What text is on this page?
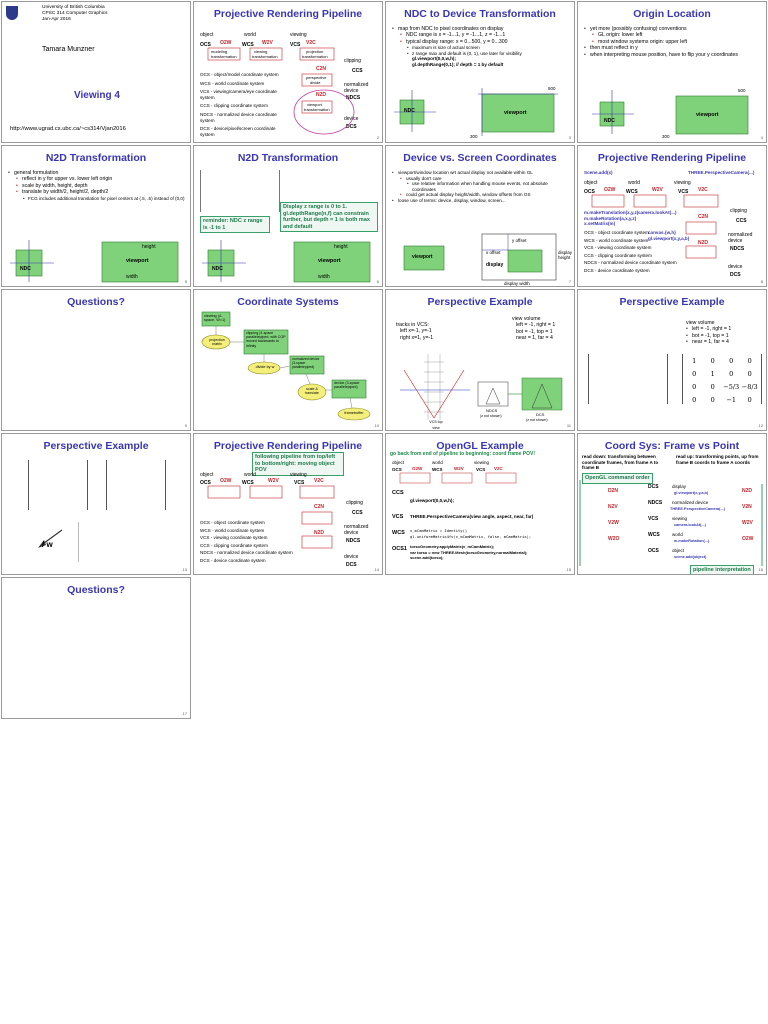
University of British Columbia
CPSC 314 Computer Graphics
Jan-Apr 2016
Tamara Munzner
Viewing 4
http://www.ugrad.cs.ubc.ca/~cs314/Vjan2016
Projective Rendering Pipeline
object	world	viewing
OCS O2W WCS W2V	VCS V2C
modeling
transformation
viewing
transformation
projection
transformation
clipping
C2N	CCS
perspective
divide	normalized
device
N2D	NDCS
viewport
transformation
device
DCS
OCS - object/model coordinate system
WCS - world coordinate system
VCS - viewing/camera/eye coordinate system
CCS - clipping coordinate system
NDCS - normalized device coordinate system
DCS - device/pixel/screen coordinate system
2
NDC to Device Transformation
• map from NDC to pixel coordinates on display
• NDC range is x = -1...1, y = -1...1, z = -1...1
• typical display range: x = 0...500, y = 0...300
• maximum is size of actual screen
• z range max and default is (0, 1), use later for visibility
gl.viewport(0,0,w,h);
gl.depthRange(0,1); // depth = 1 by default
NDC	viewport
500
300	3
Origin Location
• yet more (possibly confusing) conventions
• GL origin: lower left
• most window systems origin: upper left
• then must reflect in y
• when interpreting mouse position, have to flip your y coordinates
NDC
viewport
500
300	4
N2D Transformation
• general formulation
• reflect in y for upper vs. lower left origin
• scale by width, height, depth
• translate by width/2, height/2, depth/2
• FCG includes additional translation for pixel centers at (.5, .5) instead of (0,0)
NDC
viewport
height
width
5
N2D Transformation
reminder: NDC z range is -1 to 1
Display z range is 0 to 1. gl.depthRange(n,f) can constrain further, but depth = 1 is both max and default
NDC
viewport
height
width
6
Device vs. Screen Coordinates
• viewport/window location wrt actual display not available within GL
• usually don't care
• use relative information when handling mouse events, not absolute coordinates
• could get actual display height/width, window offsets from OS
• loose use of terms: device, display, window, screen...
viewport
display
x offset
y offset
display width
display height
7
Projective Rendering Pipeline
object	world	viewing
OCS O2W WCS	W2V	VCS V2C
clipping
C2N
CCS
normalized
device
N2D
NDCS
device
DCS
Scene.add(x)	THREE.PerspectiveCamera(...)
m.makeTranslation(x,y,z)
m.makeRotation(a,x,y,z)
x.setMatrix(m)
camera.lookAt(...)
canvas.{w,h}
gl.viewport(x,y,a,b)
OCS - object coordinate system
WCS - world coordinate system
VCS - viewing coordinate system
CCS - clipping coordinate system
NDCS - normalized device coordinate system
DCS - device coordinate system
8
Questions?
9
Coordinate Systems
viewing (4-space, W=1)
projection matrix
clipping (4-space parallelepiped, with COP moved backwards to infinity
divide by w
normalized device (3-space parallelepiped)
scale & translate
device (3-space parallelepiped)
framebuffer
10
Perspective Example
tracks in VCS:
left x=-1, y=-1
right x=1, y=-1
view volume
left = -1, right = 1
bot = -1, top = 1
near = 1, far = 4
NDCS
DCS
(z not shown)
(z not shown)
VCS top view	11
Perspective Example
view volume
• left = -1, right = 1
• bot = -1, top = 1
• near = 1, far = 4
1	0	0	0
0	1	0	0
0	0	−5/3 −8/3
0	0	−1	0
12
Perspective Example
/ w
13
Projective Rendering Pipeline
following pipeline from top/left to bottom/right: moving object POV
object	world	viewing
OCS O2W WCS	W2V	VCS V2C
clipping
C2N
CCS
normalized
device
N2D
NDCS
device
DCS
OCS - object coordinate system
WCS - world coordinate system
VCS - viewing coordinate system
CCS - clipping coordinate system
NDCS - normalized device coordinate system
DCS - device coordinate system
14
OpenGL Example
go back from end of pipeline to beginning: coord frame POV!
object	world	viewing
OCS O2W WCS	W2V	VCS V2C
CCS
gl.viewport(0,0,w,h);
VCS THREE.PerspectiveCamera(view angle, aspect, near, far)
WCS v_mCamMatrix = Identity()
gl.uniformMatrix4fv(v_mCamMatrix, false, mCamMatrix);
OCS1 torsoGeometry.applyMatrix(v_mCamMatrix);
var torso = new THREE.Mesh(torsoGeometry,normalMaterial);
scene.add(torso);
15
Coord Sys: Frame vs Point
read down: transforming between coordinate frames, from frame A to frame B
read up: transforming points, up from frame B coords to frame A coords
OpenGL command order
pipeline interpretation
D2N
DCS	display
gl.viewport(x,y,a,b)	N2D
N2V
NDCS normalized device
THREE.PerspectiveCamera(...)	V2N
V2W
VCS	viewing
camera.lookAt(...)	W2V
W2O
WCS	world
m.makeRotation(...)	O2W
OCS	object
scene.add(object)
16
Questions?
17
